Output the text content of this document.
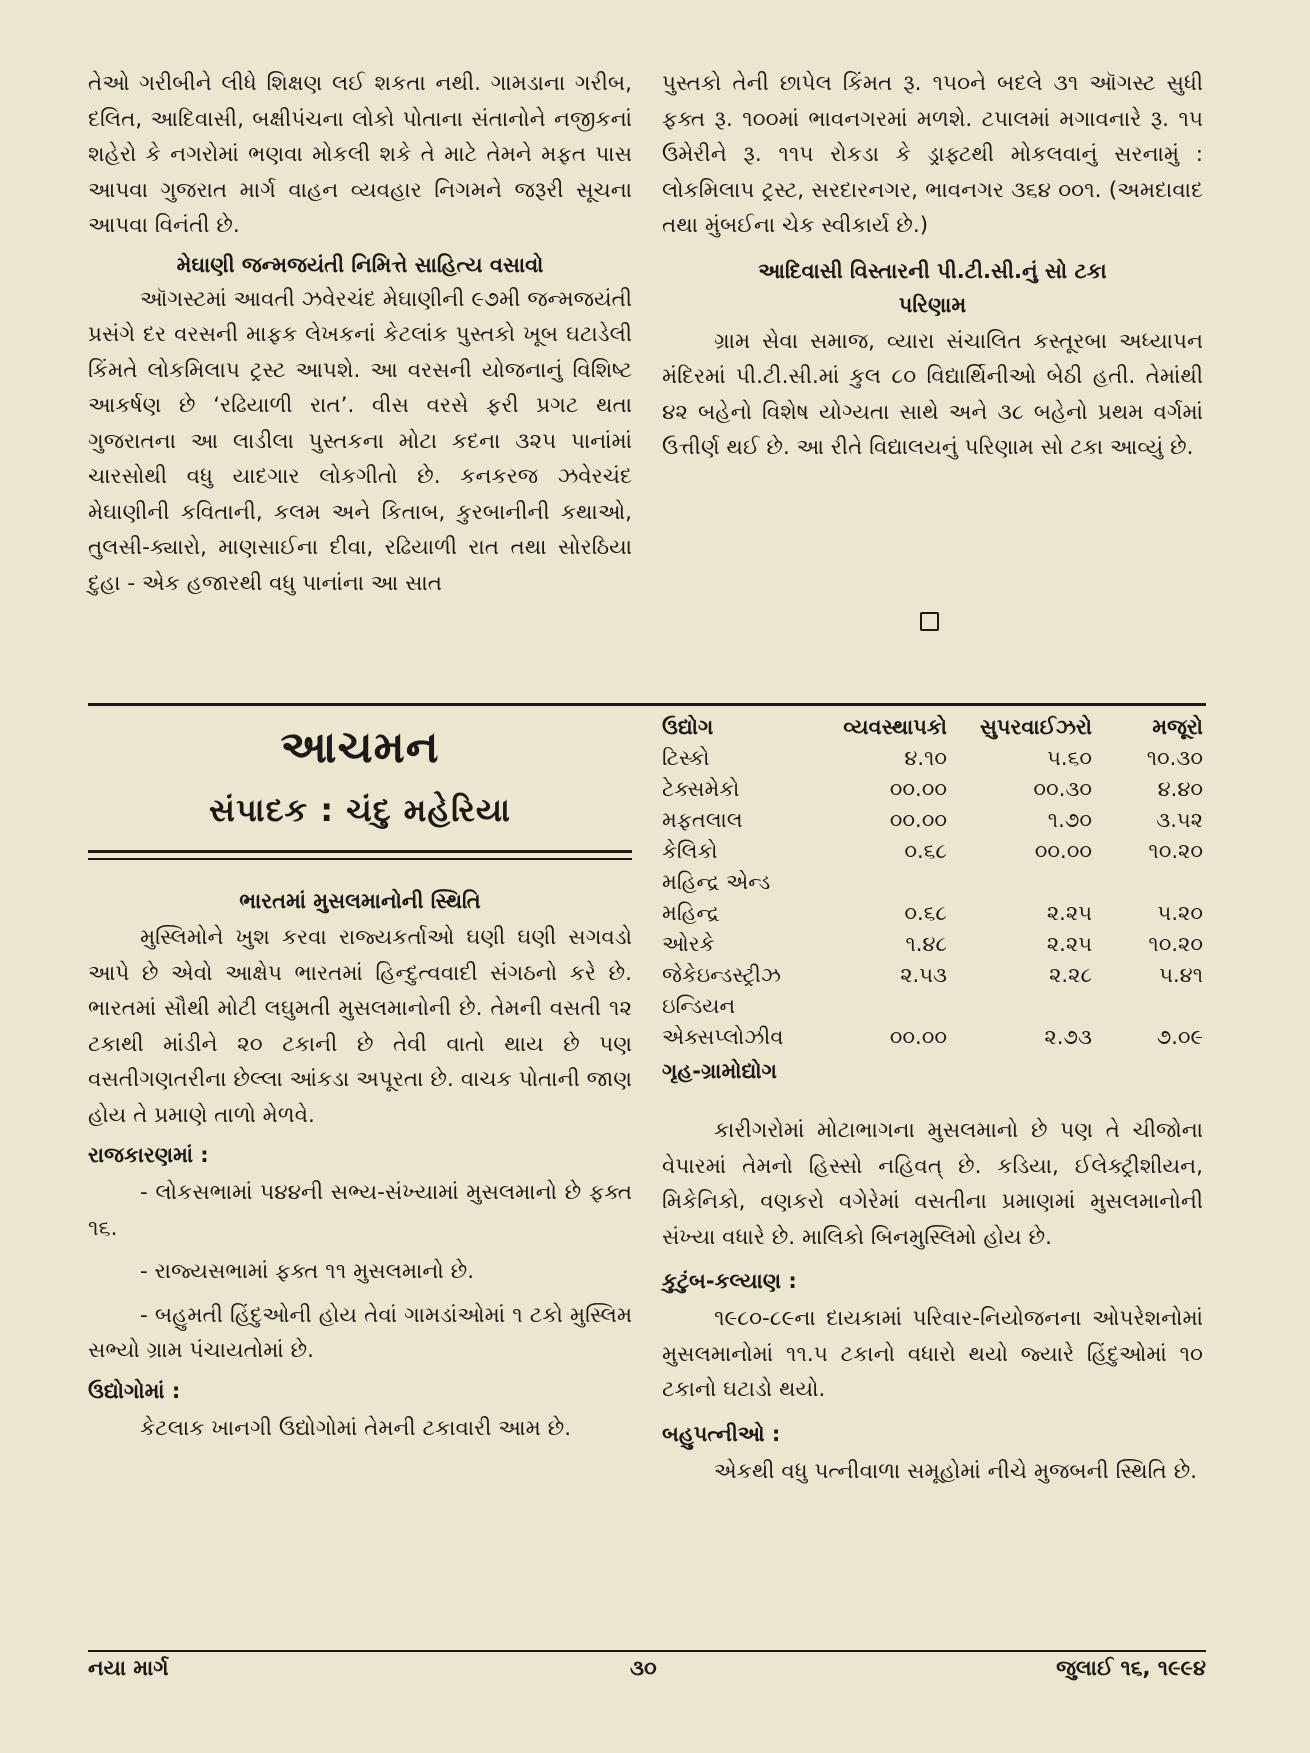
તેઓ ગરીબીને લીધે શિક્ષણ લઈ શકતા નથી. ગામડાના ગરીબ, દલિત, આદિવાસી, બક્ષીપંચના લોકો પોતાના સંતાનોને નજીકનાં શહેરો કે નગરોમાં ભણવા મોકલી શકે તે માટે તેમને મફત પાસ આપવા ગુજરાત માર્ગ વાહન વ્યવહાર નિગમને જરૂરી સૂચના આપવા વિનંતી છે.

મેઘાણી જન્મજયંતી નિમિત્તે સાહિત્ય વસાવો

ઑગસ્ટમાં આવતી ઝવેરચંદ મેઘાણીની ૯૭મી જન્મજયંતી પ્રસંગે દર વરસની માફક લેખકનાં કેટલાંક પુસ્તકો ખૂબ ઘટાડેલી કિંમતે લોકમિલાપ ટ્રસ્ટ આપશે. આ વરસની યોજનાનું વિશિષ્ટ આકર્ષણ છે ‘રઢિયાળી રાત’. વીસ વરસે ફરી પ્રગટ થતા ગુજરાતના આ લાડીલા પુસ્તકના મોટા કદના ૩૨૫ પાનાંમાં ચારસોથી વધુ યાદગાર લોકગીતો છે. કનકરજ ઝવેરચંદ મેઘાણીની કવિતાની, કલમ અને કિતાબ, કુરબાનીની કથાઓ, તુલસી-ક્યારો, માણસાઈના દીવા, રઢિયાળી રાત તથા સોરઠિયા દુહા - એક હજારથી વધુ પાનાંના આ સાત

પુસ્તકો તેની છાપેલ કિંમત રૂ. ૧૫૦ને બદલે ૩૧ ઑગસ્ટ સુધી ફક્ત રૂ. ૧૦૦માં ભાવનગરમાં મળશે. ટપાલમાં મગાવનારે રૂ. ૧૫ ઉમેરીને રૂ. ૧૧૫ રોકડા કે ડ્રાફ્ટથી મોકલવાનું સરનામું : લોકમિલાપ ટ્રસ્ટ, સરદારનગર, ભાવનગર ૩૬૪ ૦૦૧. (અમદાવાદ તથા મુંબઈના ચેક સ્વીકાર્ય છે.)

આદિવાસી વિસ્તારની પી.ટી.સી.નું સો ટકા
પરિણામ

ગ્રામ સેવા સમાજ, વ્યારા સંચાલિત કસ્તૂરબા અધ્યાપન મંદિરમાં પી.ટી.સી.માં કુલ ૮૦ વિદ્યાર્થિનીઓ બેઠી હતી. તેમાંથી ૪૨ બહેનો વિશેષ યોગ્યતા સાથે અને ૩૮ બહેનો પ્રથમ વર્ગમાં ઉત્તીર્ણ થઈ છે. આ રીતે વિદ્યાલયનું પરિણામ સો ટકા આવ્યું છે.

આચમન
સંપાદક : ચંદુ મહેરિયા
ભારતમાં મુસલમાનોની સ્થિતિ

મુસ્લિમોને ખુશ કરવા રાજ્યકર્તાઓ ઘણી ઘણી સગવડો આપે છે એવો આક્ષેપ ભારતમાં હિન્દુત્વવાદી સંગઠનો કરે છે. ભારતમાં સૌથી મોટી લઘુમતી મુસલમાનોની છે. તેમની વસતી ૧૨ ટકાથી માંડીને ૨૦ ટકાની છે તેવી વાતો થાય છે પણ વસતીગણતરીના છેલ્લા આંકડા અપૂરતા છે. વાચક પોતાની જાણ હોય તે પ્રમાણે તાળો મેળવે.

રાજકારણમાં :

- લોકસભામાં ૫૪૪ની સભ્ય-સંખ્યામાં મુસલમાનો છે ફક્ત ૧૬.

- રાજ્યસભામાં ફક્ત ૧૧ મુસલમાનો છે.

- બહુમતી હિંદુઓની હોય તેવાં ગામડાંઓમાં ૧ ટકો મુસ્લિમ સભ્યો ગ્રામ પંચાયતોમાં છે.

ઉદ્યોગોમાં :

કેટલાક ખાનગી ઉદ્યોગોમાં તેમની ટકાવારી આમ છે.

ઉદ્યોગ	વ્યવસ્થાપકો	સુપરવાઈઝરો	મજૂરો
ટિસ્કો	૪.૧૦	૫.૬૦	૧૦.૩૦
ટેક્સમેકો	૦૦.૦૦	૦૦.૩૦	૪.૪૦
મફતલાલ	૦૦.૦૦	૧.૭૦	૩.૫૨
કેલિકો	૦.૬૮	૦૦.૦૦	૧૦.૨૦
મહિન્દ્ર એન્ડ			
મહિન્દ્ર	૦.૬૮	૨.૨૫	૫.૨૦
ઓરકે	૧.૪૮	૨.૨૫	૧૦.૨૦
જેકેઇન્ડસ્ટ્રીઝ	૨.૫૩	૨.૨૮	૫.૪૧
ઇન્ડિયન			
એક્સપ્લોઝીવ	૦૦.૦૦	૨.૭૩	૭.૦૯
ગૃહ-ગ્રામોદ્યોગ

કારીગરોમાં મોટાભાગના મુસલમાનો છે પણ તે ચીજોના વેપારમાં તેમનો હિસ્સો નહિવત્ છે. કડિયા, ઈલેક્ટ્રીશીયન, મિકેનિકો, વણકરો વગેરેમાં વસતીના પ્રમાણમાં મુસલમાનોની સંખ્યા વધારે છે. માલિકો બિનમુસ્લિમો હોય છે.

કુટુંબ-કલ્યાણ :

૧૯૮૦-૮૯ના દાયકામાં પરિવાર-નિયોજનના ઓપરેશનોમાં મુસલમાનોમાં ૧૧.૫ ટકાનો વધારો થયો જ્યારે હિંદુઓમાં ૧૦ ટકાનો ઘટાડો થયો.

બહુપત્નીઓ :

એકથી વધુ પત્નીવાળા સમૂહોમાં નીચે મુજબની સ્થિતિ છે.

નયા માર્ગ	૩૦	જુલાઈ ૧૬, ૧૯૯૪
